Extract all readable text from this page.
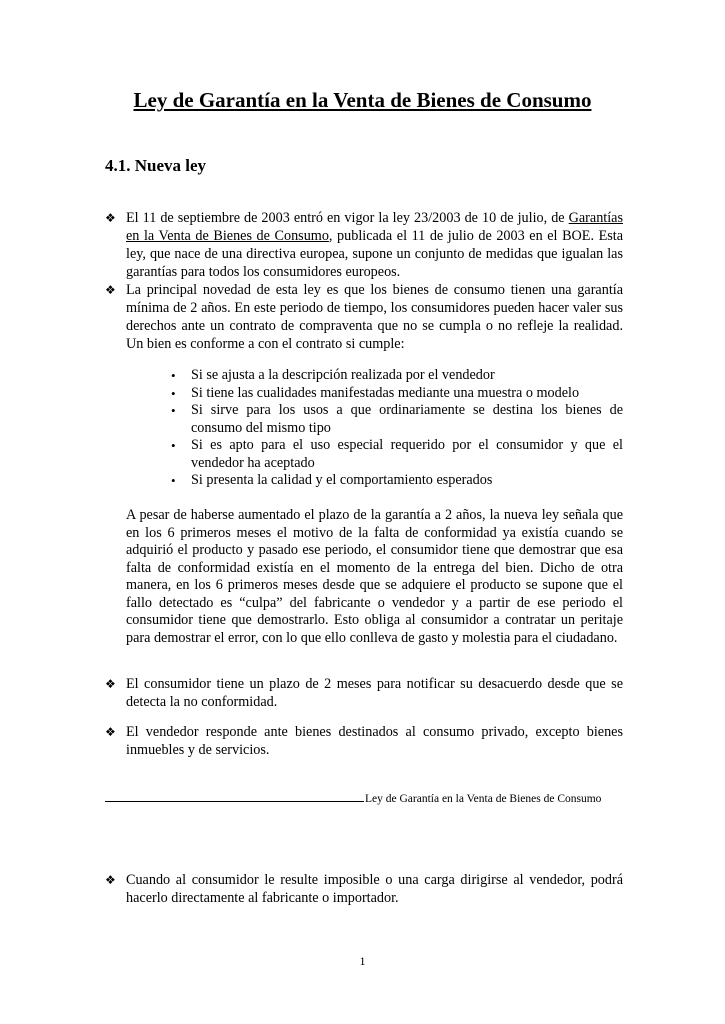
Ley de Garantía en la Venta de Bienes de Consumo
4.1. Nueva ley
❖ El 11 de septiembre de 2003 entró en vigor la ley 23/2003 de 10 de julio, de Garantías en la Venta de Bienes de Consumo, publicada el 11 de julio de 2003 en el BOE. Esta ley, que nace de una directiva europea, supone un conjunto de medidas que igualan las garantías para todos los consumidores europeos.

❖ La principal novedad de esta ley es que los bienes de consumo tienen una garantía mínima de 2 años. En este periodo de tiempo, los consumidores pueden hacer valer sus derechos ante un contrato de compraventa que no se cumpla o no refleje la realidad. Un bien es conforme a con el contrato si cumple:

• Si se ajusta a la descripción realizada por el vendedor
• Si tiene las cualidades manifestadas mediante una muestra o modelo
• Si sirve para los usos a que ordinariamente se destina los bienes de consumo del mismo tipo
• Si es apto para el uso especial requerido por el consumidor y que el vendedor ha aceptado
• Si presenta la calidad y el comportamiento esperados

A pesar de haberse aumentado el plazo de la garantía a 2 años, la nueva ley señala que en los 6 primeros meses el motivo de la falta de conformidad ya existía cuando se adquirió el producto y pasado ese periodo, el consumidor tiene que demostrar que esa falta de conformidad existía en el momento de la entrega del bien. Dicho de otra manera, en los 6 primeros meses desde que se adquiere el producto se supone que el fallo detectado es “culpa” del fabricante o vendedor y a partir de ese periodo el consumidor tiene que demostrarlo. Esto obliga al consumidor a contratar un peritaje para demostrar el error, con lo que ello conlleva de gasto y molestia para el ciudadano.

❖ El consumidor tiene un plazo de 2 meses para notificar su desacuerdo desde que se detecta la no conformidad.

❖ El vendedor responde ante bienes destinados al consumo privado, excepto bienes inmuebles y de servicios.

Ley de Garantía en la Venta de Bienes de Consumo
❖ Cuando al consumidor le resulte imposible o una carga dirigirse al vendedor, podrá hacerlo directamente al fabricante o importador.

1
